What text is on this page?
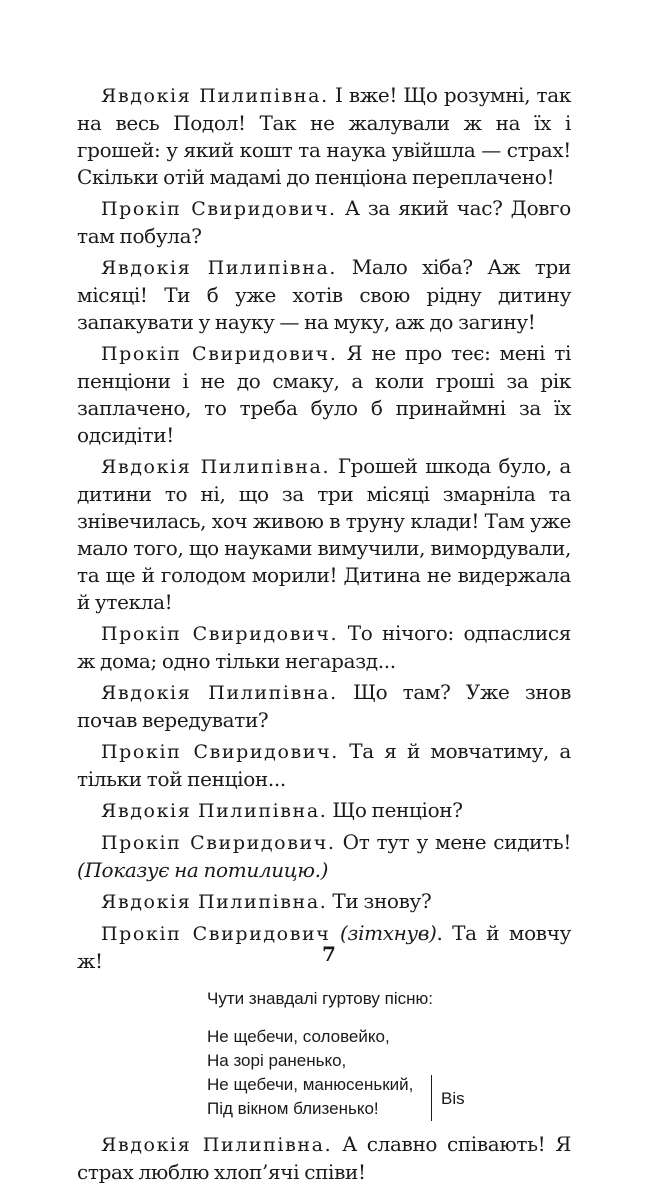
Явдокія Пилипівна. І вже! Що розумні, так на весь Подол! Так не жалували ж на їх і грошей: у який кошт та наука увійшла — страх! Скільки отій мадамі до пенціона переплачено!

Прокіп Свиридович. А за який час? Довго там побула?

Явдокія Пилипівна. Мало хіба? Аж три місяці! Ти б уже хотів свою рідну дитину запакувати у науку — на муку, аж до загину!

Прокіп Свиридович. Я не про теє: мені ті пенціони і не до смаку, а коли гроші за рік заплачено, то треба було б принаймні за їх одсидіти!

Явдокія Пилипівна. Грошей шкода було, а дитини то ні, що за три місяці змарніла та знівечилась, хоч живою в труну клади! Там уже мало того, що науками вимучили, вимордували, та ще й голодом морили! Дитина не видержала й утекла!

Прокіп Свиридович. То нічого: одпаслися ж дома; одно тільки негаразд...

Явдокія Пилипівна. Що там? Уже знов почав вередувати?

Прокіп Свиридович. Та я й мовчатиму, а тільки той пенціон...

Явдокія Пилипівна. Що пенціон?

Прокіп Свиридович. От тут у мене сидить! (Показує на потилицю.)

Явдокія Пилипівна. Ти знову?

Прокіп Свиридович (зітхнув). Та й мовчу ж!

Чути знавдалі гуртову пісню:
Не щебечи, соловейко,
На зорі раненько,
Не щебечи, манюсенький,
Під вікном близенько!
Bis

Явдокія Пилипівна. А славно співають! Я страх люблю хлоп’ячі співи!

7
